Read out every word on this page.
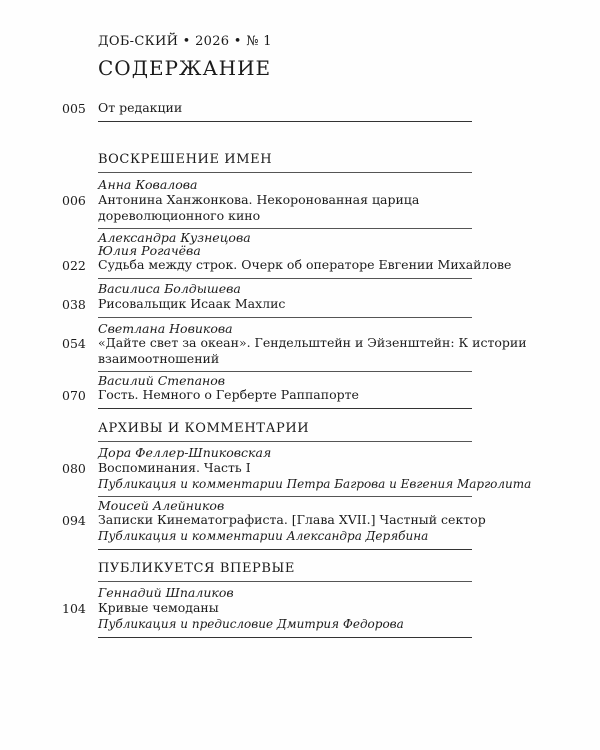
ДОБ-СКИЙ • 2026 • № 1
СОДЕРЖАНИЕ
005 От редакции
ВОСКРЕШЕНИЕ ИМЕН
Анна Ковалова
006 Антонина Ханжонкова. Некоронованная царица
дореволюционного кино
Александра Кузнецова
Юлия Рогачёва
022 Судьба между строк. Очерк об операторе Евгении Михайлове
Василиса Болдышева
038 Рисовальщик Исаак Махлис
Светлана Новикова
054 «Дайте свет за океан». Гендельштейн и Эйзенштейн: К истории
взаимоотношений
Василий Степанов
070 Гость. Немного о Герберте Раппапорте
АРХИВЫ И КОММЕНТАРИИ
Дора Феллер-Шпиковская
080 Воспоминания. Часть I
Публикация и комментарии Петра Багрова и Евгения Марголита
Моисей Алейников
094 Записки Кинематографиста. [Глава XVII.] Частный сектор
Публикация и комментарии Александра Дерябина
ПУБЛИКУЕТСЯ ВПЕРВЫЕ
Геннадий Шпаликов
104 Кривые чемоданы
Публикация и предисловие Дмитрия Федорова
